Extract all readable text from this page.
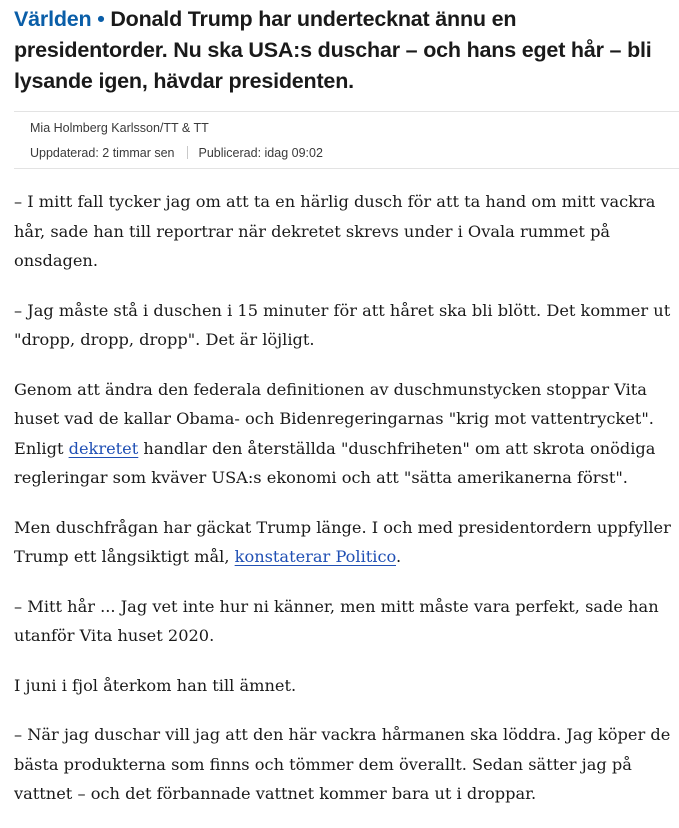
Världen • Donald Trump har undertecknat ännu en presidentorder. Nu ska USA:s duschar – och hans eget hår – bli lysande igen, hävdar presidenten.
Mia Holmberg Karlsson/TT & TT
Uppdaterad: 2 timmar sen Publicerad: idag 09:02

– I mitt fall tycker jag om att ta en härlig dusch för att ta hand om mitt vackra hår, sade han till reportrar när dekretet skrevs under i Ovala rummet på onsdagen.

– Jag måste stå i duschen i 15 minuter för att håret ska bli blött. Det kommer ut "dropp, dropp, dropp". Det är löjligt.

Genom att ändra den federala definitionen av duschmunstycken stoppar Vita huset vad de kallar Obama- och Bidenregeringarnas "krig mot vattentrycket". Enligt dekretet handlar den återställda "duschfriheten" om att skrota onödiga regleringar som kväver USA:s ekonomi och att "sätta amerikanerna först".

Men duschfrågan har gäckat Trump länge. I och med presidentordern uppfyller Trump ett långsiktigt mål, konstaterar Politico.

– Mitt hår ... Jag vet inte hur ni känner, men mitt måste vara perfekt, sade han utanför Vita huset 2020.

I juni i fjol återkom han till ämnet.

– När jag duschar vill jag att den här vackra hårmanen ska löddra. Jag köper de bästa produkterna som finns och tömmer dem överallt. Sedan sätter jag på vattnet – och det förbannade vattnet kommer bara ut i droppar.
